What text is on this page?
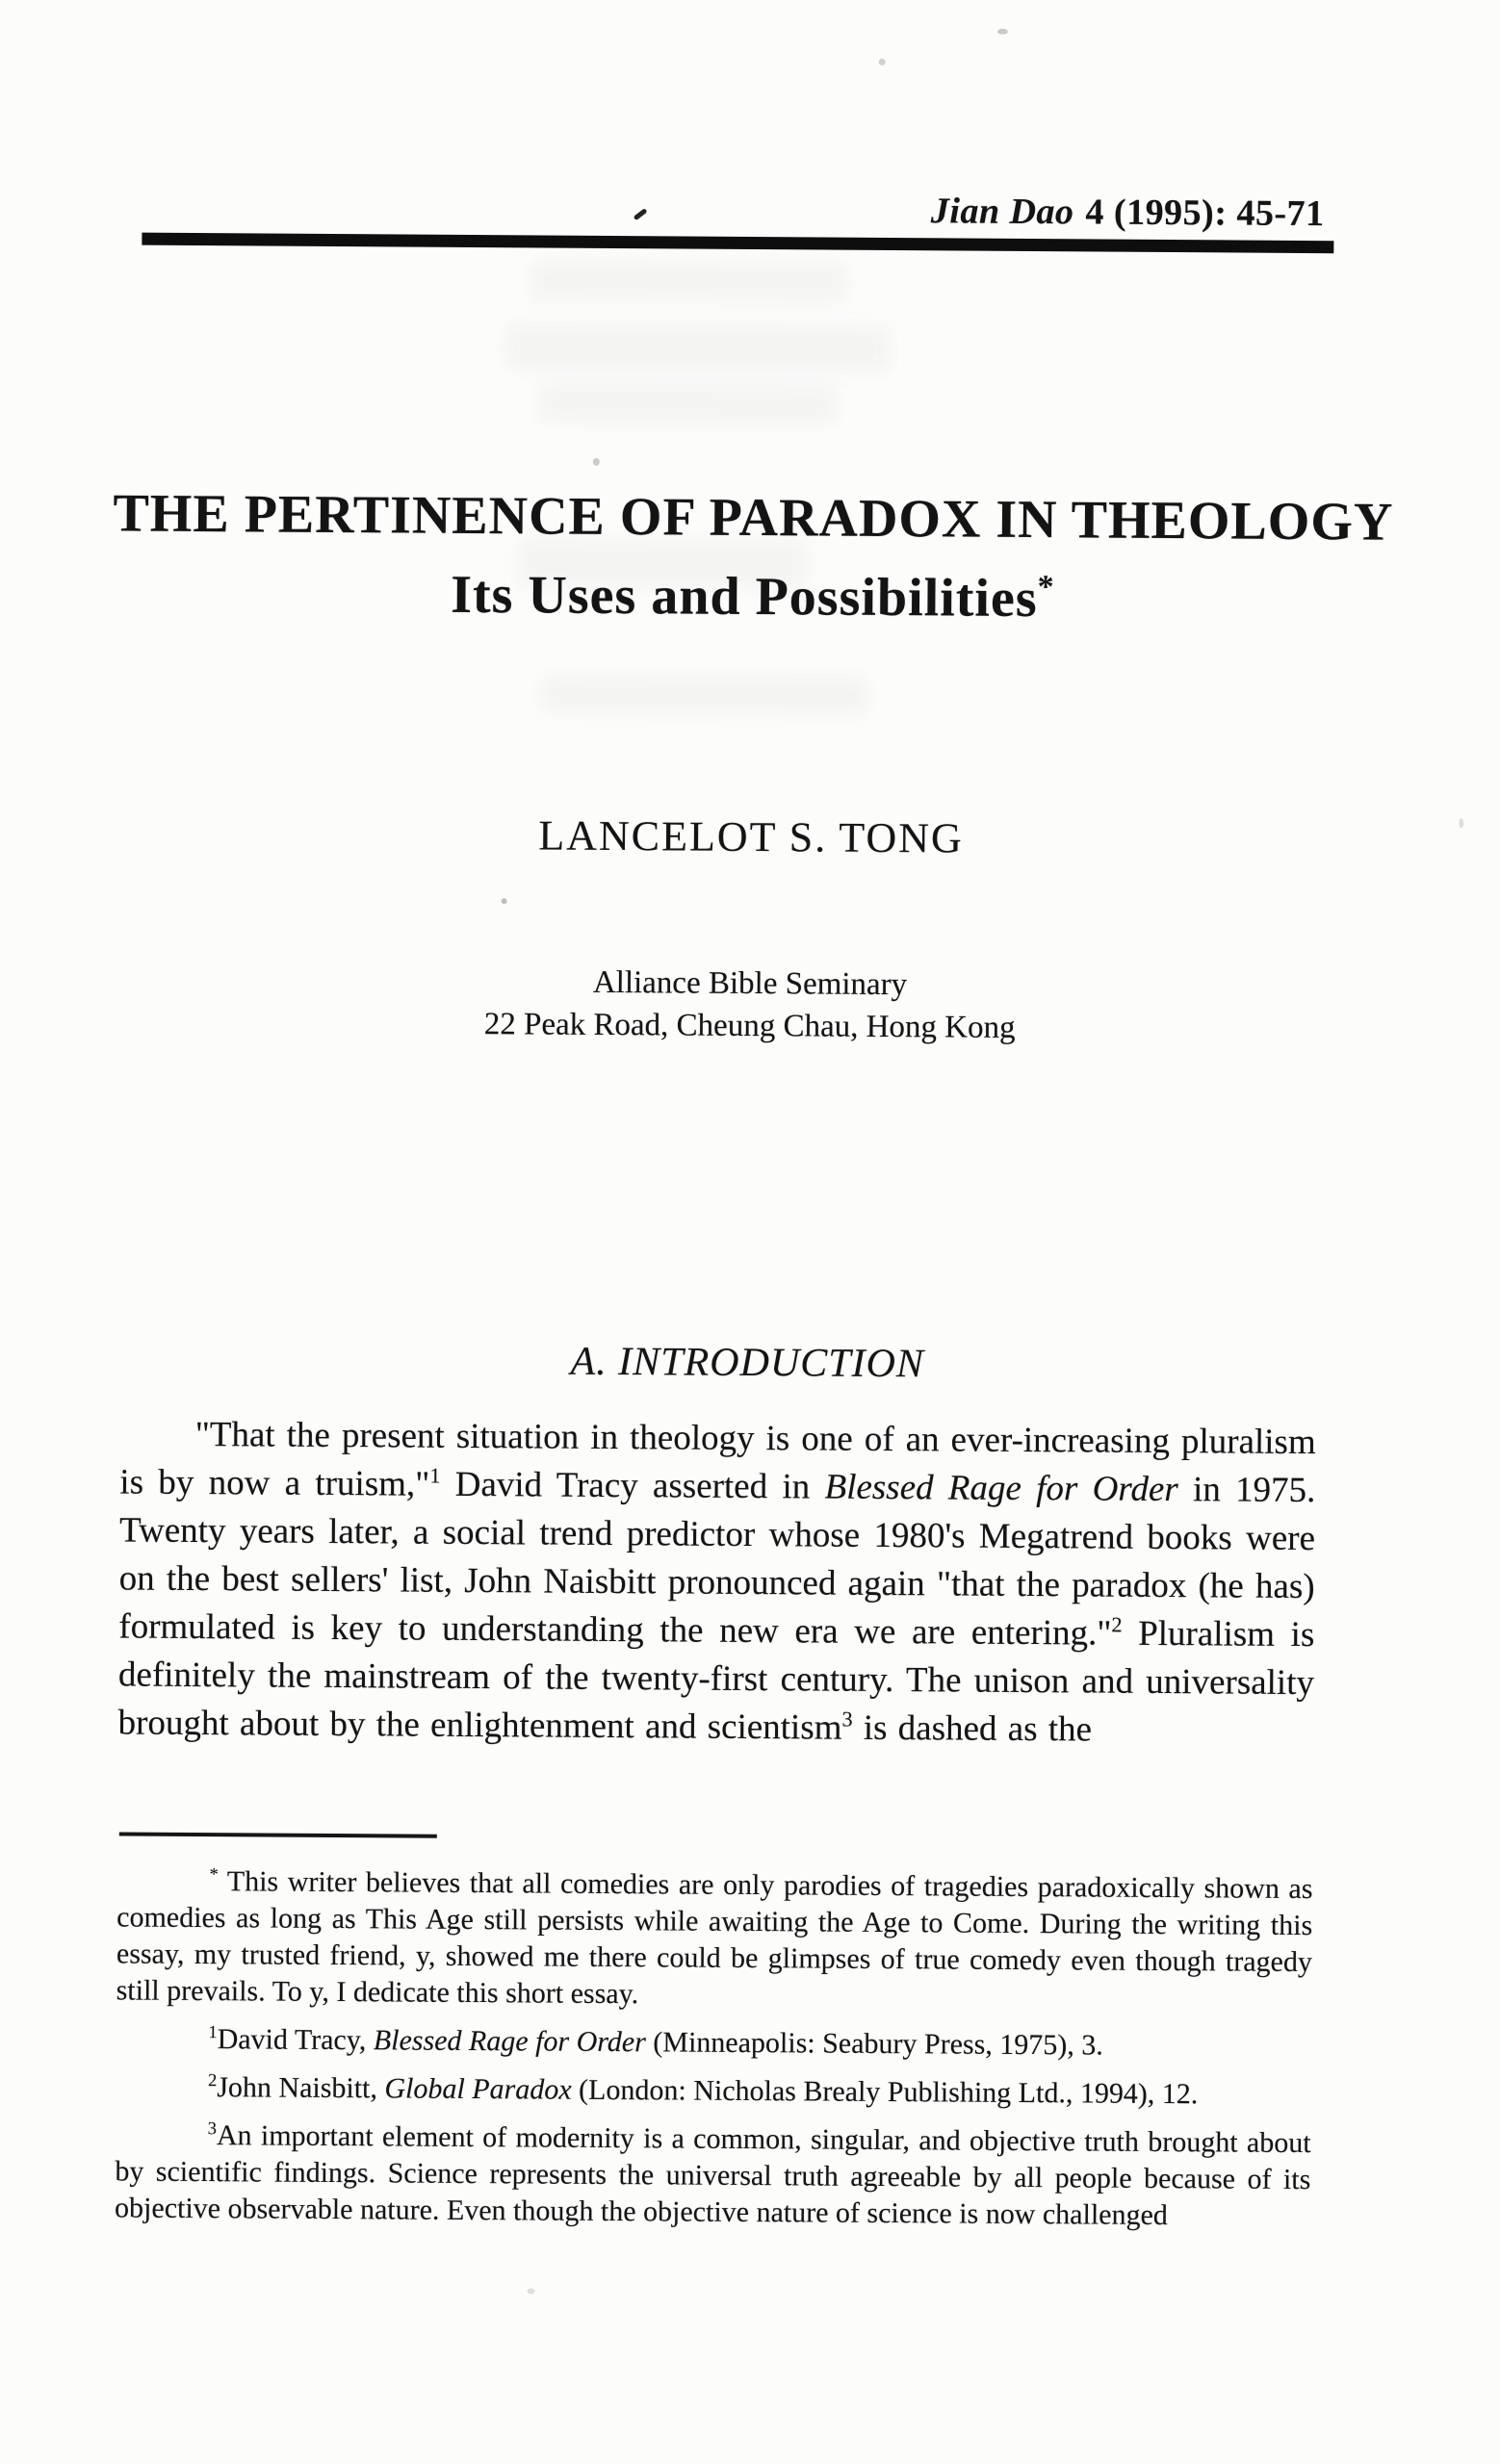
Jian Dao 4 (1995): 45-71
THE PERTINENCE OF PARADOX IN THEOLOGY
Its Uses and Possibilities*
LANCELOT S. TONG
Alliance Bible Seminary
22 Peak Road, Cheung Chau, Hong Kong
A. INTRODUCTION

"That the present situation in theology is one of an ever-increasing pluralism is by now a truism,"$^1$ David Tracy asserted in Blessed Rage for Order in 1975. Twenty years later, a social trend predictor whose 1980's Megatrend books were on the best sellers' list, John Naisbitt pronounced again "that the paradox (he has) formulated is key to understanding the new era we are entering."$^2$ Pluralism is definitely the mainstream of the twenty-first century. The unison and universality brought about by the enlightenment and scientism$^3$ is dashed as the

* This writer believes that all comedies are only parodies of tragedies paradoxically shown as comedies as long as This Age still persists while awaiting the Age to Come. During the writing this essay, my trusted friend, y, showed me there could be glimpses of true comedy even though tragedy still prevails. To y, I dedicate this short essay.

$^1$David Tracy, Blessed Rage for Order (Minneapolis: Seabury Press, 1975), 3.

$^2$John Naisbitt, Global Paradox (London: Nicholas Brealy Publishing Ltd., 1994), 12.

$^3$An important element of modernity is a common, singular, and objective truth brought about by scientific findings. Science represents the universal truth agreeable by all people because of its objective observable nature. Even though the objective nature of science is now challenged
